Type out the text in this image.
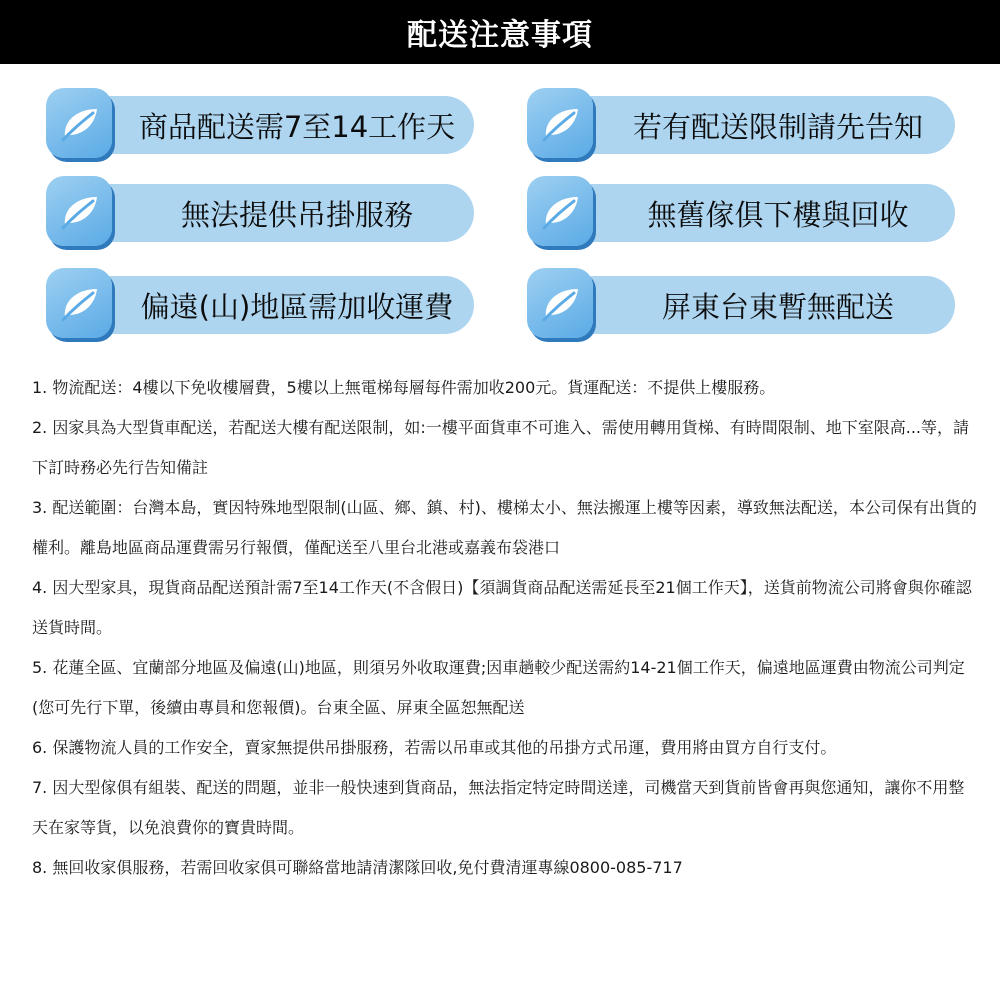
配送注意事項
商品配送需7至14工作天	若有配送限制請先告知
無法提供吊掛服務	無舊傢俱下樓與回收
偏遠(山)地區需加收運費	屏東台東暫無配送

1. 物流配送：4樓以下免收樓層費，5樓以上無電梯每層每件需加收200元。貨運配送：不提供上樓服務。

2. 因家具為大型貨車配送，若配送大樓有配送限制，如:一樓平面貨車不可進入、需使用轉用貨梯、有時間限制、地下室限高...等，請下訂時務必先行告知備註

3. 配送範圍：台灣本島，實因特殊地型限制(山區、鄉、鎮、村)、樓梯太小、無法搬運上樓等因素，導致無法配送，本公司保有出貨的權利。離島地區商品運費需另行報價，僅配送至八里台北港或嘉義布袋港口

4. 因大型家具，現貨商品配送預計需7至14工作天(不含假日)【須調貨商品配送需延長至21個工作天】，送貨前物流公司將會與你確認送貨時間。

5. 花蓮全區、宜蘭部分地區及偏遠(山)地區，則須另外收取運費;因車趟較少配送需約14-21個工作天，偏遠地區運費由物流公司判定(您可先行下單，後續由專員和您報價)。台東全區、屏東全區恕無配送

6. 保護物流人員的工作安全，賣家無提供吊掛服務，若需以吊車或其他的吊掛方式吊運，費用將由買方自行支付。

7. 因大型傢俱有組裝、配送的問題，並非一般快速到貨商品，無法指定特定時間送達，司機當天到貨前皆會再與您通知，讓你不用整天在家等貨，以免浪費你的寶貴時間。

8. 無回收家俱服務，若需回收家俱可聯絡當地請清潔隊回收,免付費清運專線0800-085-717
